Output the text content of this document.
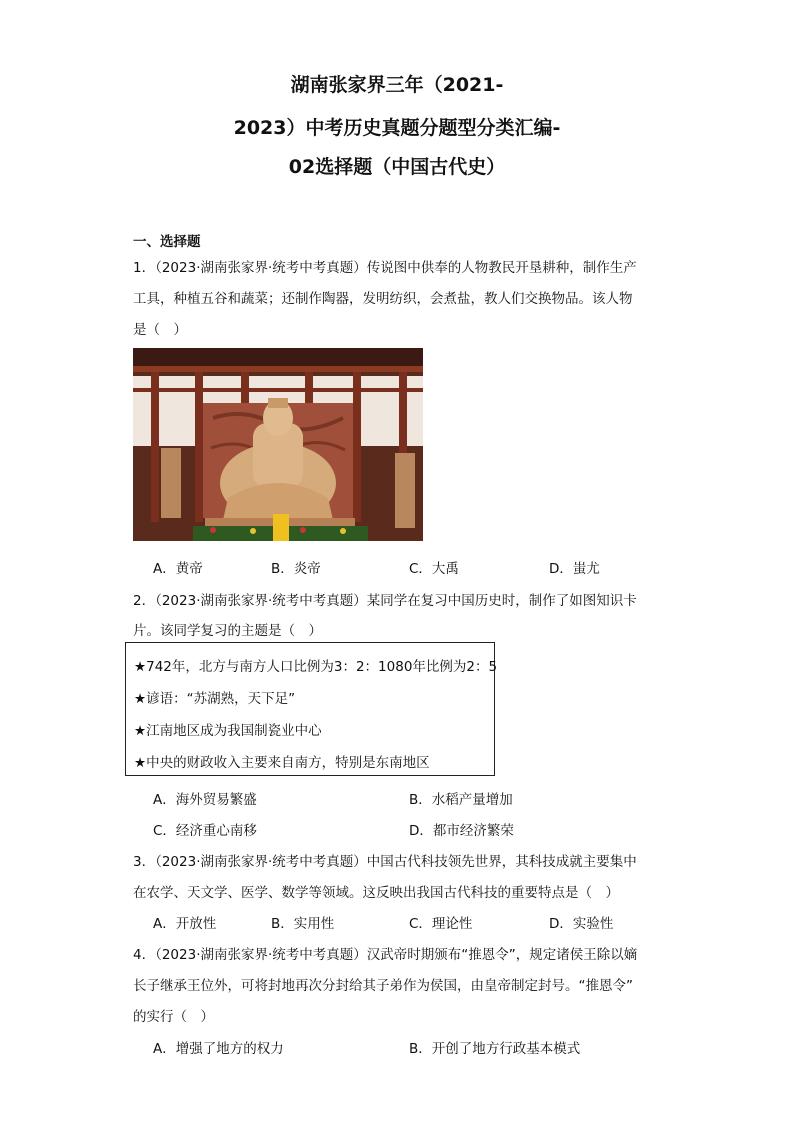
湖南张家界三年（2021-
2023）中考历史真题分题型分类汇编-
02选择题（中国古代史）
一、选择题
1．（2023·湖南张家界·统考中考真题）传说图中供奉的人物教民开垦耕种，制作生产
工具，种植五谷和蔬菜；还制作陶器，发明纺织，会煮盐，教人们交换物品。该人物
是（　）
A．黄帝	B．炎帝	C．大禹	D．蚩尤
2．（2023·湖南张家界·统考中考真题）某同学在复习中国历史时，制作了如图知识卡
片。该同学复习的主题是（　）
★742年，北方与南方人口比例为3：2：1080年比例为2：5
★谚语：“苏湖熟，天下足”
★江南地区成为我国制瓷业中心
★中央的财政收入主要来自南方，特别是东南地区
A．海外贸易繁盛	B．水稻产量增加
C．经济重心南移	D．都市经济繁荣
3．（2023·湖南张家界·统考中考真题）中国古代科技领先世界，其科技成就主要集中
在农学、天文学、医学、数学等领域。这反映出我国古代科技的重要特点是（　）
A．开放性	B．实用性	C．理论性	D．实验性
4．（2023·湖南张家界·统考中考真题）汉武帝时期颁布“推恩令”，规定诸侯王除以嫡
长子继承王位外，可将封地再次分封给其子弟作为侯国，由皇帝制定封号。“推恩令”
的实行（　）
A．增强了地方的权力	B．开创了地方行政基本模式
